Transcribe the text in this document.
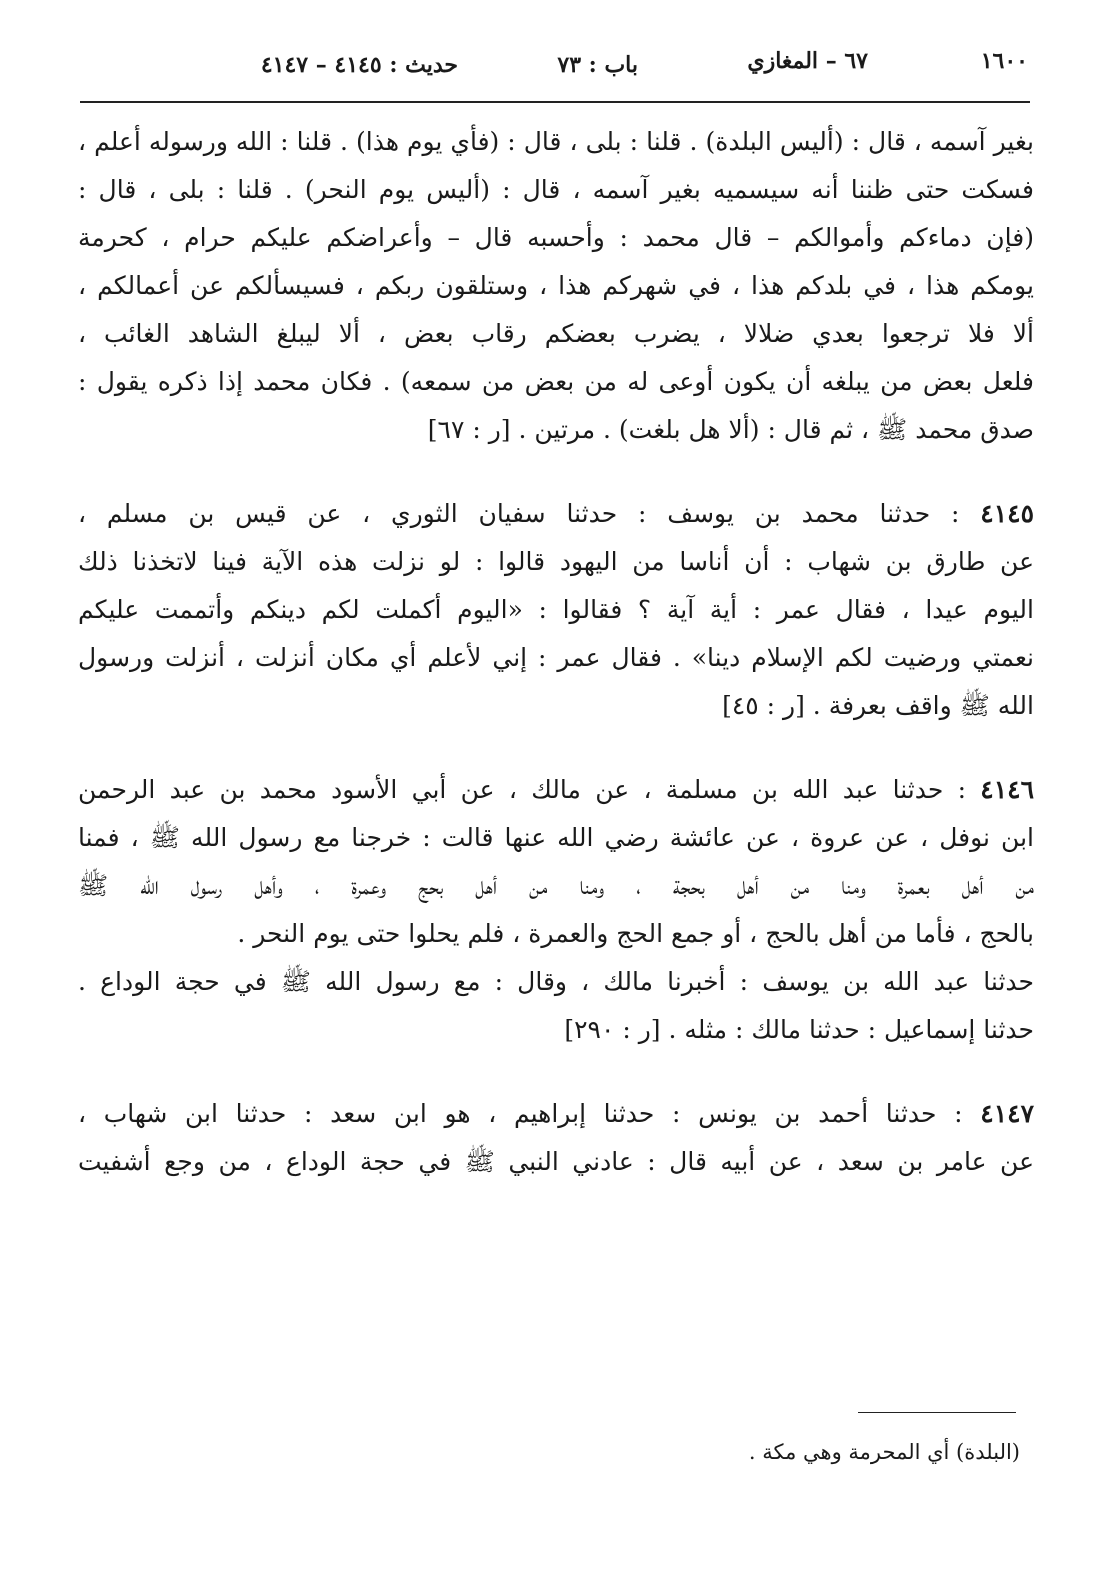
١٦٠٠
٦٧ – المغازي
باب : ٧٣
حديث : ٤١٤٥ – ٤١٤٧
بغير آسمه ، قال : (أليس البلدة) . قلنا : بلى ، قال : (فأي يوم هذا) . قلنا : الله ورسوله أعلم ،
فسكت حتى ظننا أنه سيسميه بغير آسمه ، قال : (أليس يوم النحر) . قلنا : بلى ، قال :
(فإن دماءكم وأموالكم – قال محمد : وأحسبه قال – وأعراضكم عليكم حرام ، كحرمة
يومكم هذا ، في بلدكم هذا ، في شهركم هذا ، وستلقون ربكم ، فسيسألكم عن أعمالكم ،
ألا فلا ترجعوا بعدي ضلالا ، يضرب بعضكم رقاب بعض ، ألا ليبلغ الشاهد الغائب ،
فلعل بعض من يبلغه أن يكون أوعى له من بعض من سمعه) . فكان محمد إذا ذكره يقول :
صدق محمد ﷺ ، ثم قال : (ألا هل بلغت) . مرتين . [ر : ٦٧]
٤١٤٥ : حدثنا محمد بن يوسف : حدثنا سفيان الثوري ، عن قيس بن مسلم ،
عن طارق بن شهاب : أن أناسا من اليهود قالوا : لو نزلت هذه الآية فينا لاتخذنا ذلك
اليوم عيدا ، فقال عمر : أية آية ؟ فقالوا : «اليوم أكملت لكم دينكم وأتممت عليكم
نعمتي ورضيت لكم الإسلام دينا» . فقال عمر : إني لأعلم أي مكان أنزلت ، أنزلت ورسول
الله ﷺ واقف بعرفة . [ر : ٤٥]
٤١٤٦ : حدثنا عبد الله بن مسلمة ، عن مالك ، عن أبي الأسود محمد بن عبد الرحمن
ابن نوفل ، عن عروة ، عن عائشة رضي الله عنها قالت : خرجنا مع رسول الله ﷺ ، فمنا
من أهل بعمرة ومنا من أهل بحجة ، ومنا من أهل بحج وعمرة ، وأهل رسول الله ﷺ
بالحج ، فأما من أهل بالحج ، أو جمع الحج والعمرة ، فلم يحلوا حتى يوم النحر .
حدثنا عبد الله بن يوسف : أخبرنا مالك ، وقال : مع رسول الله ﷺ في حجة الوداع .
حدثنا إسماعيل : حدثنا مالك : مثله . [ر : ٢٩٠]
٤١٤٧ : حدثنا أحمد بن يونس : حدثنا إبراهيم ، هو ابن سعد : حدثنا ابن شهاب ،
عن عامر بن سعد ، عن أبيه قال : عادني النبي ﷺ في حجة الوداع ، من وجع أشفيت
(البلدة) أي المحرمة وهي مكة .
